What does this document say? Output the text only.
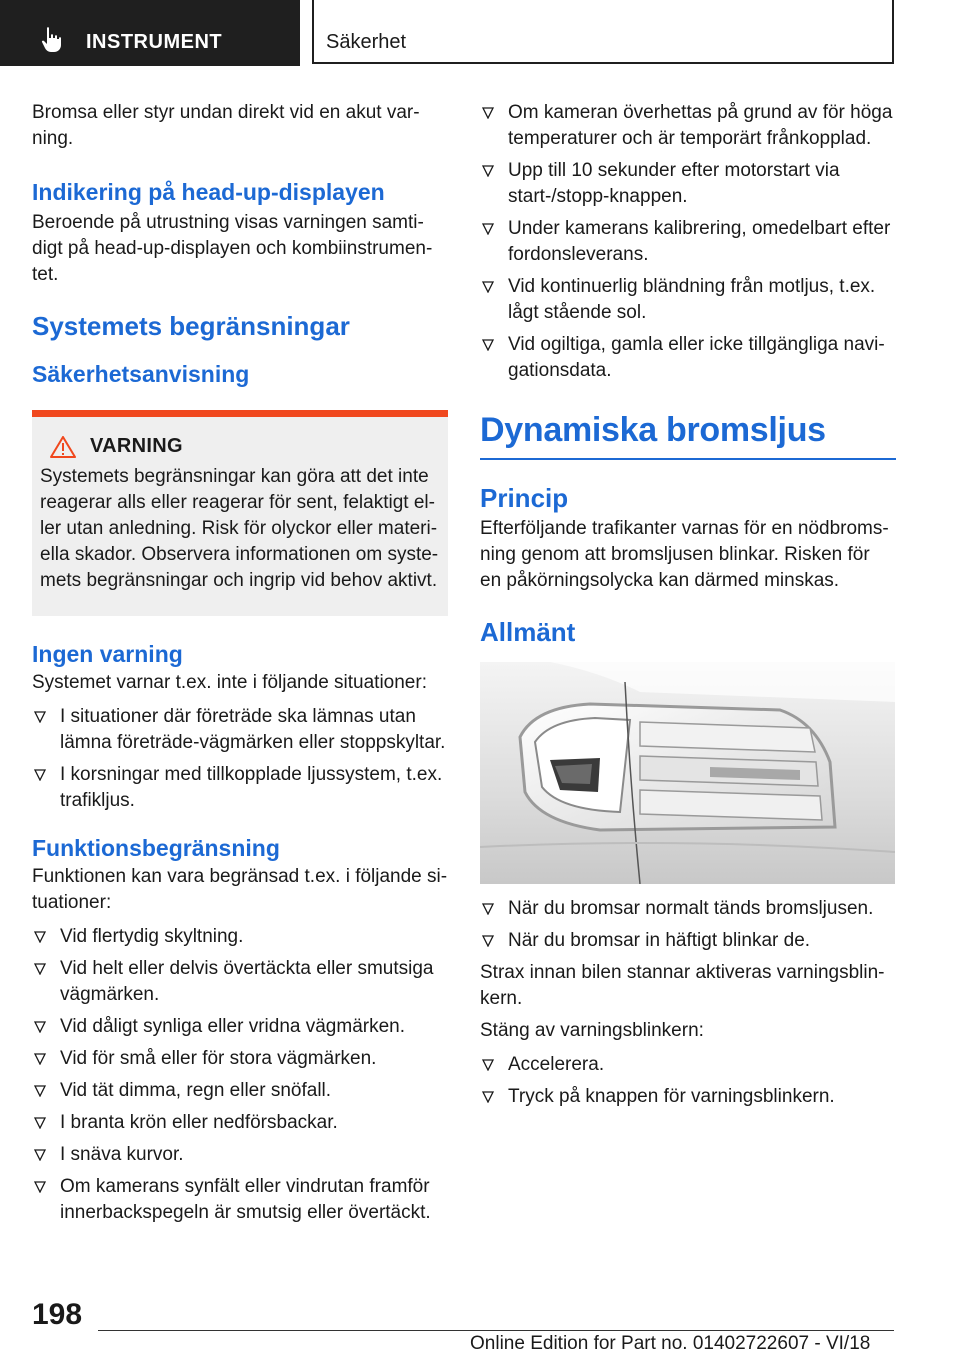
INSTRUMENT	Säkerhet

Bromsa eller styr undan direkt vid en akut var-ning.

Indikering på head-up-displayen

Beroende på utrustning visas varningen samti-digt på head-up-displayen och kombiinstrumen-tet.

Systemets begränsningar
Säkerhetsanvisning
VARNING

Systemets begränsningar kan göra att det inte reagerar alls eller reagerar för sent, felaktigt el-ler utan anledning. Risk för olyckor eller materi-ella skador. Observera informationen om syste-mets begränsningar och ingrip vid behov aktivt.

Ingen varning

Systemet varnar t.ex. inte i följande situationer:

I situationer där företräde ska lämnas utan lämna företräde-vägmärken eller stoppskyltar.
I korsningar med tillkopplade ljussystem, t.ex. trafikljus.
Funktionsbegränsning

Funktionen kan vara begränsad t.ex. i följande si-tuationer:

Vid flertydig skyltning.
Vid helt eller delvis övertäckta eller smutsiga vägmärken.
Vid dåligt synliga eller vridna vägmärken.
Vid för små eller för stora vägmärken.
Vid tät dimma, regn eller snöfall.
I branta krön eller nedförsbackar.
I snäva kurvor.
Om kamerans synfält eller vindrutan framför innerbackspegeln är smutsig eller övertäckt.
Om kameran överhettas på grund av för höga temperaturer och är temporärt frånkopplad.
Upp till 10 sekunder efter motorstart via start-/stopp-knappen.
Under kamerans kalibrering, omedelbart efter fordonsleverans.
Vid kontinuerlig bländning från motljus, t.ex. lågt stående sol.
Vid ogiltiga, gamla eller icke tillgängliga navi-gationsdata.
Dynamiska bromsljus
Princip

Efterföljande trafikanter varnas för en nödbroms-ning genom att bromsljusen blinkar. Risken för en påkörningsolycka kan därmed minskas.

Allmänt
När du bromsar normalt tänds bromsljusen.
När du bromsar in häftigt blinkar de.

Strax innan bilen stannar aktiveras varningsblin-kern.

Stäng av varningsblinkern:

Accelerera.
Tryck på knappen för varningsblinkern.
198
Online Edition for Part no. 01402722607 - VI/18
